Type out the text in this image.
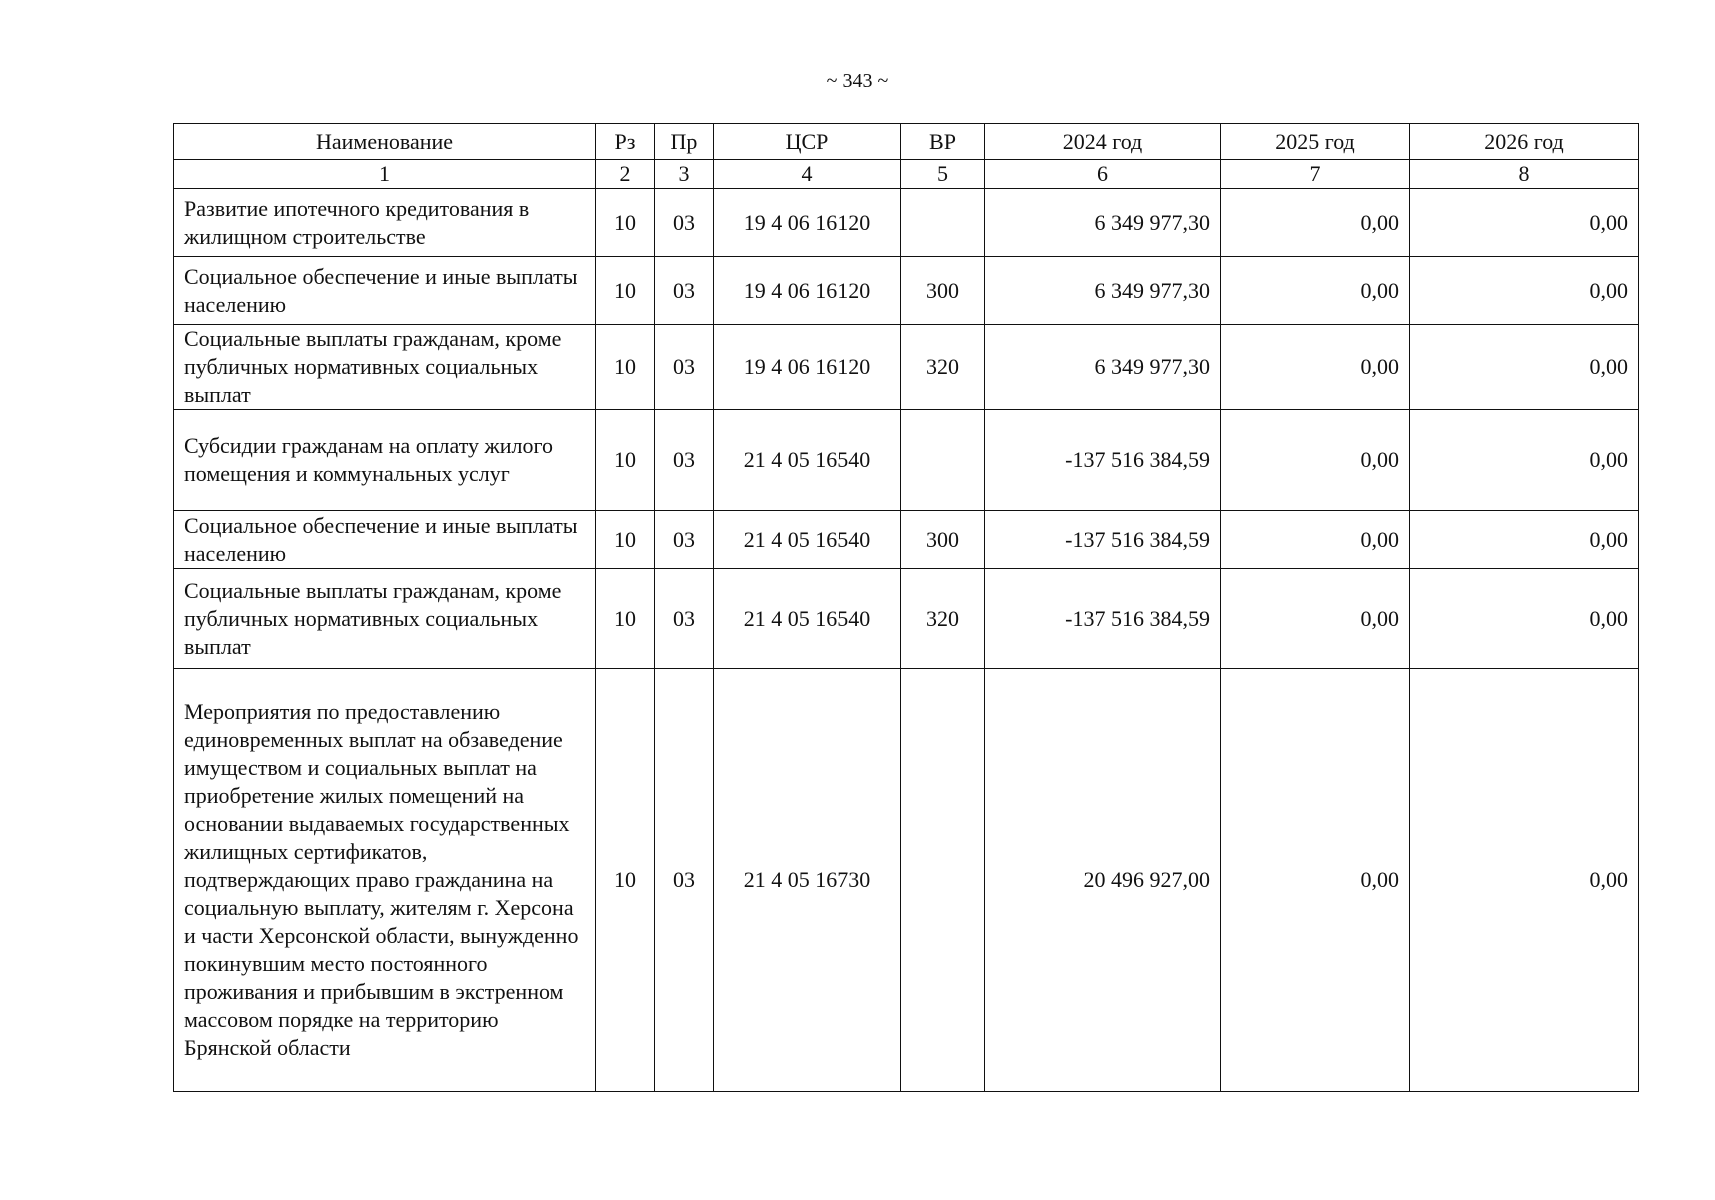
~ 343 ~
Наименование	Рз	Пр	ЦСР	ВР	2024 год	2025 год	2026 год
1	2	3	4	5	6	7	8
Развитие ипотечного кредитования в жилищном строительстве	10	03	19 4 06 16120		6 349 977,30	0,00	0,00
Социальное обеспечение и иные выплаты населению	10	03	19 4 06 16120	300	6 349 977,30	0,00	0,00
Социальные выплаты гражданам, кроме публичных нормативных социальных выплат	10	03	19 4 06 16120	320	6 349 977,30	0,00	0,00
Субсидии гражданам на оплату жилого помещения и коммунальных услуг	10	03	21 4 05 16540		-137 516 384,59	0,00	0,00
Социальное обеспечение и иные выплаты населению	10	03	21 4 05 16540	300	-137 516 384,59	0,00	0,00
Социальные выплаты гражданам, кроме публичных нормативных социальных выплат	10	03	21 4 05 16540	320	-137 516 384,59	0,00	0,00
Мероприятия по предоставлению единовременных выплат на обзаведение имуществом и социальных выплат на приобретение жилых помещений на основании выдаваемых государственных жилищных сертификатов, подтверждающих право гражданина на социальную выплату, жителям г. Херсона и части Херсонской области, вынужденно покинувшим место постоянного проживания и прибывшим в экстренном массовом порядке на территорию Брянской области	10	03	21 4 05 16730		20 496 927,00	0,00	0,00
